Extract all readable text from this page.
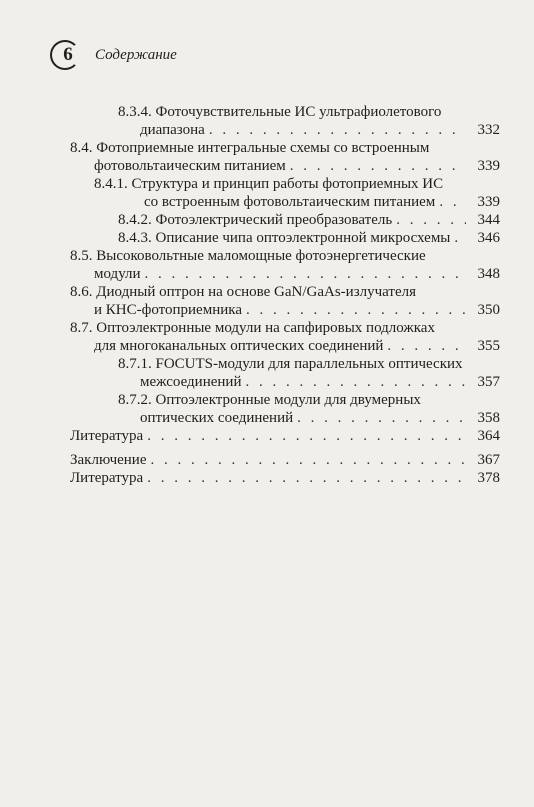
6	Содержание
8.3.4. Фоточувствительные ИС ультрафиолетового
диапазона . . .	332
8.4. Фотоприемные интегральные схемы со встроенным
фотовольтаическим питанием . . .	339
8.4.1. Структура и принцип работы фотоприемных ИС
со встроенным фотовольтаическим питанием . . .	339
8.4.2. Фотоэлектрический преобразователь . . .	344
8.4.3. Описание чипа оптоэлектронной микросхемы . . .	346
8.5. Высоковольтные маломощные фотоэнергетические
модули . . .	348
8.6. Диодный оптрон на основе GaN/GaAs-излучателя
и КНС-фотоприемника . . .	350
8.7. Оптоэлектронные модули на сапфировых подложках
для многоканальных оптических соединений . . .	355
8.7.1. FOCUTS-модули для параллельных оптических
межсоединений . . .	357
8.7.2. Оптоэлектронные модули для двумерных
оптических соединений . . .	358
Литература . . .	364
Заключение . . .	367
Литература . . .	378
